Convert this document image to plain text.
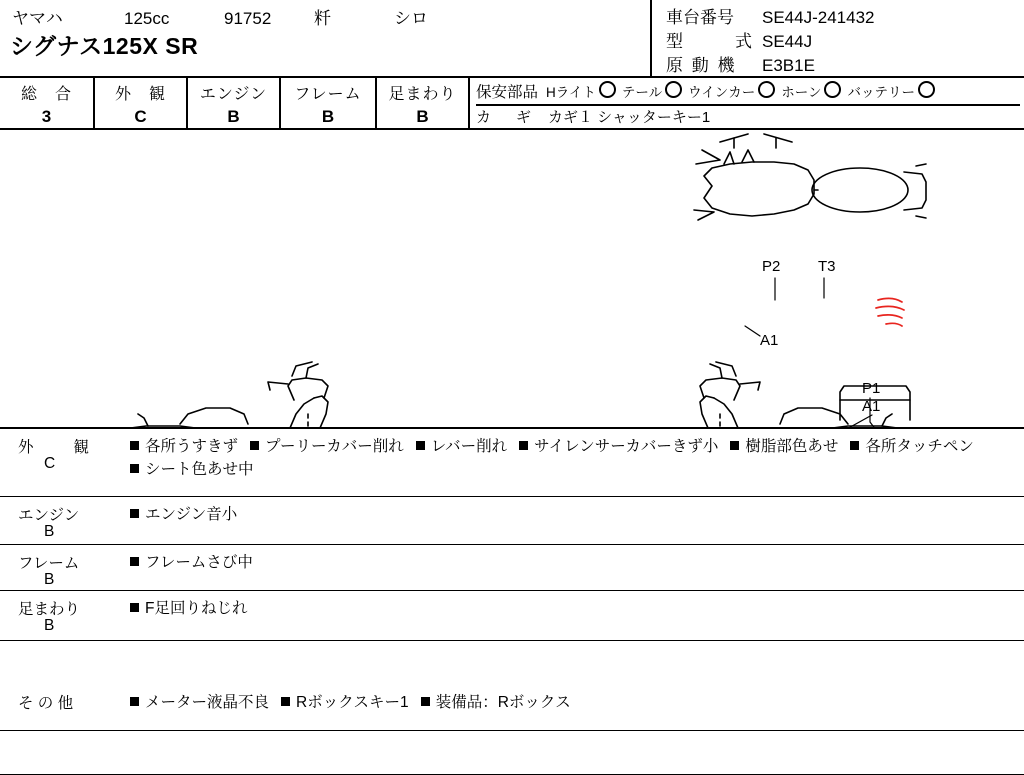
ヤマハ	125cc	91752	粁	シロ
シグナス125X SR
車台番号 SE44J-241432
型　　式 SE44J
原 動 機 E3B1E
総　合
3
外　観
C
エンジン
B
フレーム
B
足まわり
B
保安部品 Hライト テール ウインカー ホーン バッテリー
カ　ギ カギ１ シャッターキー1
P2	T3
A1
P1
A1
外　　観
C
各所うすきず プーリーカバー削れ レバー削れ サイレンサーカバーきず小 樹脂部色あせ 各所タッチペンシート色あせ中
エンジン
B
エンジン音小
フレーム
B
フレームさび中
足まわり
B
F足回りねじれ
そ の 他	メーター液晶不良 Rボックスキー1 装備品：Rボックス
